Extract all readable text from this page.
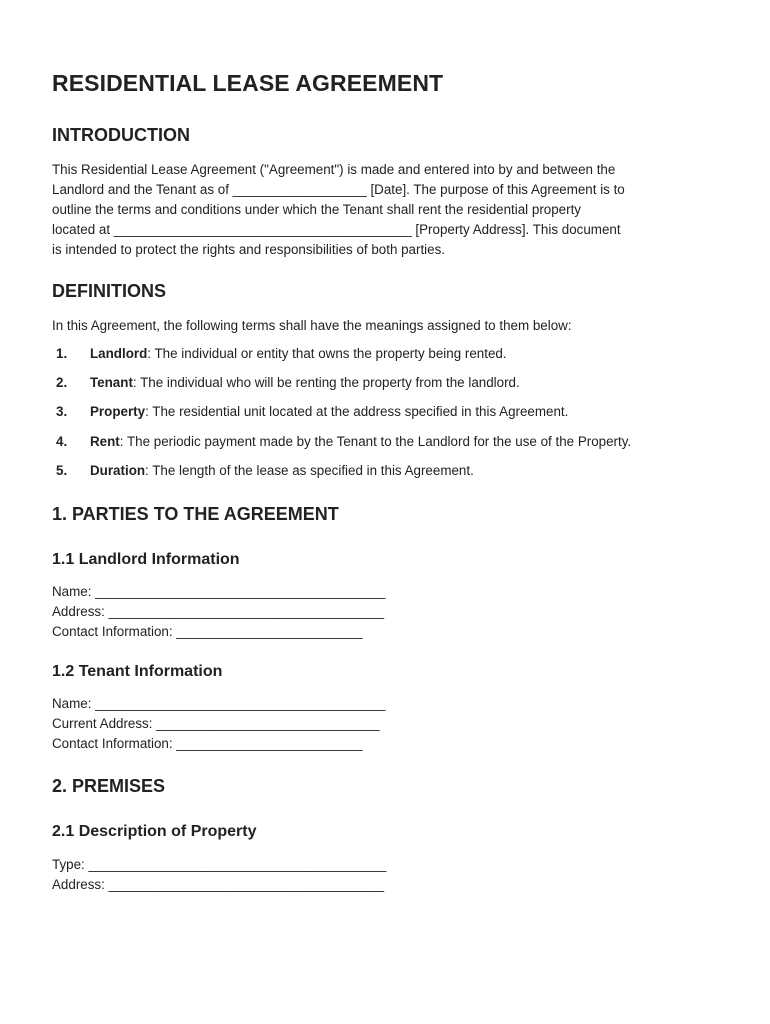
RESIDENTIAL LEASE AGREEMENT
INTRODUCTION
This Residential Lease Agreement ("Agreement") is made and entered into by and between the
Landlord and the Tenant as of __________________ [Date]. The purpose of this Agreement is to
outline the terms and conditions under which the Tenant shall rent the residential property
located at ________________________________________ [Property Address]. This document
is intended to protect the rights and responsibilities of both parties.
DEFINITIONS

In this Agreement, the following terms shall have the meanings assigned to them below:

1. Landlord: The individual or entity that owns the property being rented.
2. Tenant: The individual who will be renting the property from the landlord.
3. Property: The residential unit located at the address specified in this Agreement.
4. Rent: The periodic payment made by the Tenant to the Landlord for the use of the Property.
5. Duration: The length of the lease as specified in this Agreement.
1. PARTIES TO THE AGREEMENT
1.1 Landlord Information
Name: _______________________________________
Address: _____________________________________
Contact Information: _________________________
1.2 Tenant Information
Name: _______________________________________
Current Address: ______________________________
Contact Information: _________________________
2. PREMISES
2.1 Description of Property
Type: ________________________________________
Address: _____________________________________
